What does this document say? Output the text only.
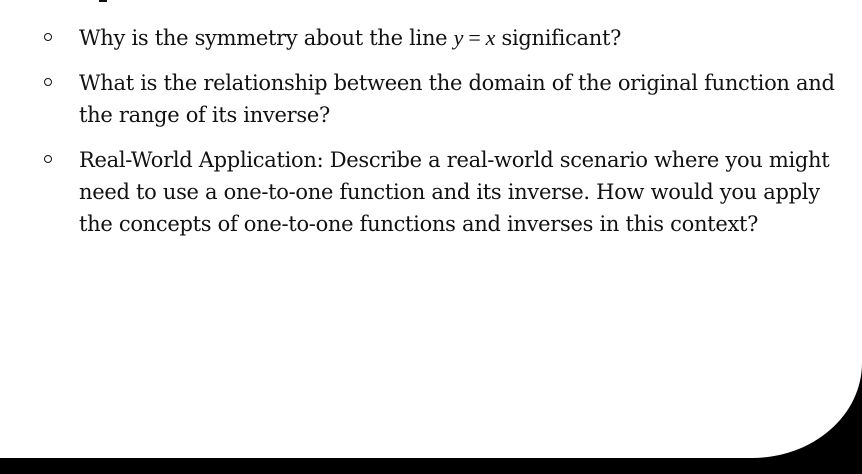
Why is the symmetry about the line y = x significant?
What is the relationship between the domain of the original function and the range of its inverse?
Real-World Application: Describe a real-world scenario where you might need to use a one-to-one function and its inverse. How would you apply the concepts of one-to-one functions and inverses in this context?
